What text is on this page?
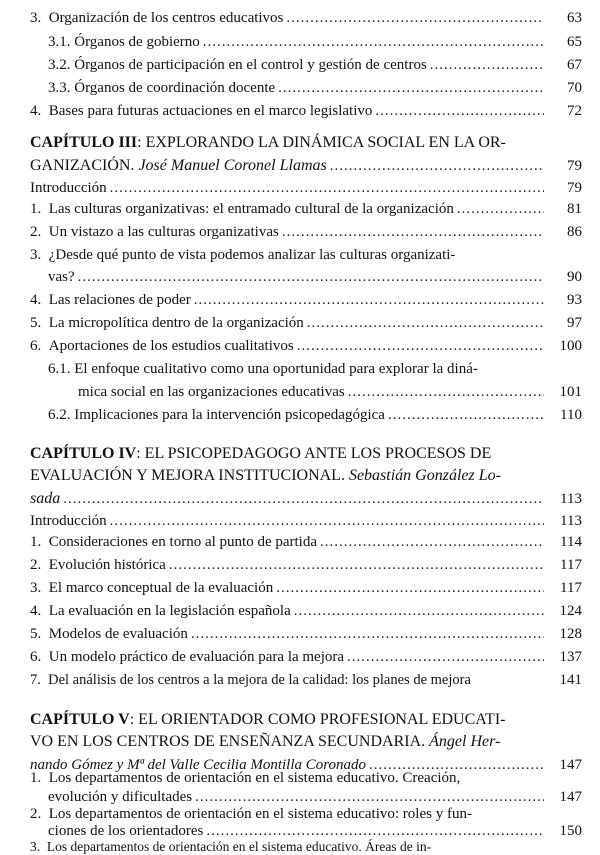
3. Organización de los centros educativos .....	63
3.1. Órganos de gobierno .....	65
3.2. Órganos de participación en el control y gestión de centros .....	67
3.3. Órganos de coordinación docente .....	70
4. Bases para futuras actuaciones en el marco legislativo .....	72
CAPÍTULO III: EXPLORANDO LA DINÁMICA SOCIAL EN LA OR-
GANIZACIÓN. José Manuel Coronel Llamas .....	79
Introducción .....	79
1. Las culturas organizativas: el entramado cultural de la organización .....	81
2. Un vistazo a las culturas organizativas .....	86
3. ¿Desde qué punto de vista podemos analizar las culturas organizati-
vas? .....	90
4. Las relaciones de poder .....	93
5. La micropolítica dentro de la organización .....	97
6. Aportaciones de los estudios cualitativos .....	100
6.1. El enfoque cualitativo como una oportunidad para explorar la diná-
mica social en las organizaciones educativas .....	101
6.2. Implicaciones para la intervención psicopedagógica .....	110
CAPÍTULO IV: EL PSICOPEDAGOGO ANTE LOS PROCESOS DE
EVALUACIÓN Y MEJORA INSTITUCIONAL. Sebastián González Lo-
sada .....	113
Introducción .....	113
1. Consideraciones en torno al punto de partida .....	114
2. Evolución histórica .....	117
3. El marco conceptual de la evaluación .....	117
4. La evaluación en la legislación española .....	124
5. Modelos de evaluación .....	128
6. Un modelo práctico de evaluación para la mejora .....	137
7. Del análisis de los centros a la mejora de la calidad: los planes de mejora	141
CAPÍTULO V: EL ORIENTADOR COMO PROFESIONAL EDUCATI-
VO EN LOS CENTROS DE ENSEÑANZA SECUNDARIA. Ángel Her-
nando Gómez y Mª del Valle Cecilia Montilla Coronado .....	147
1. Los departamentos de orientación en el sistema educativo. Creación,
evolución y dificultades .....	147
2. Los departamentos de orientación en el sistema educativo: roles y fun-
ciones de los orientadores .....	150
3. Los departamentos de orientación en el sistema educativo. Áreas de in-
